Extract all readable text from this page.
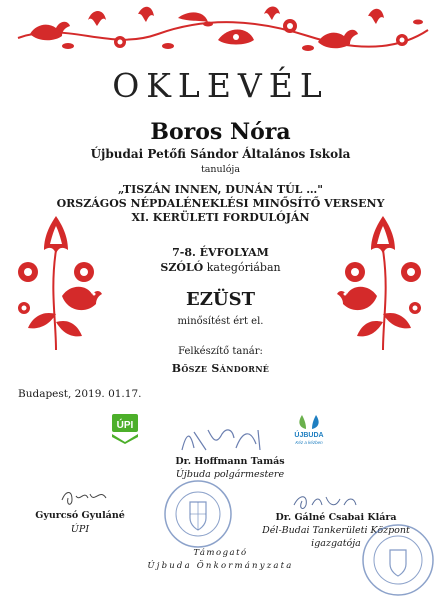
OKLEVÉL
Boros Nóra
Újbudai Petőfi Sándor Általános Iskola
tanulója
„TISZÁN INNEN, DUNÁN TÚL …"
ORSZÁGOS NÉPDALÉNEKLÉSI MINŐSÍTŐ VERSENY
XI. KERÜLETI FORDULÓJÁN
7-8. ÉVFOLYAM
SZÓLÓ kategóriában
EZÜST
minősítést ért el.
Felkészítő tanár:
Bősze Sándorné
Budapest, 2019. 01.17.
ÚPI
ÚJBUDA
Kéz a kézben
Dr. Hoffmann Tamás
Újbuda polgármestere
Gyurcsó Gyuláné
ÚPI
Dr. Gálné Csabai Klára
Dél-Budai Tankerületi Központ
igazgatója
Támogató
Újbuda Önkormányzata
